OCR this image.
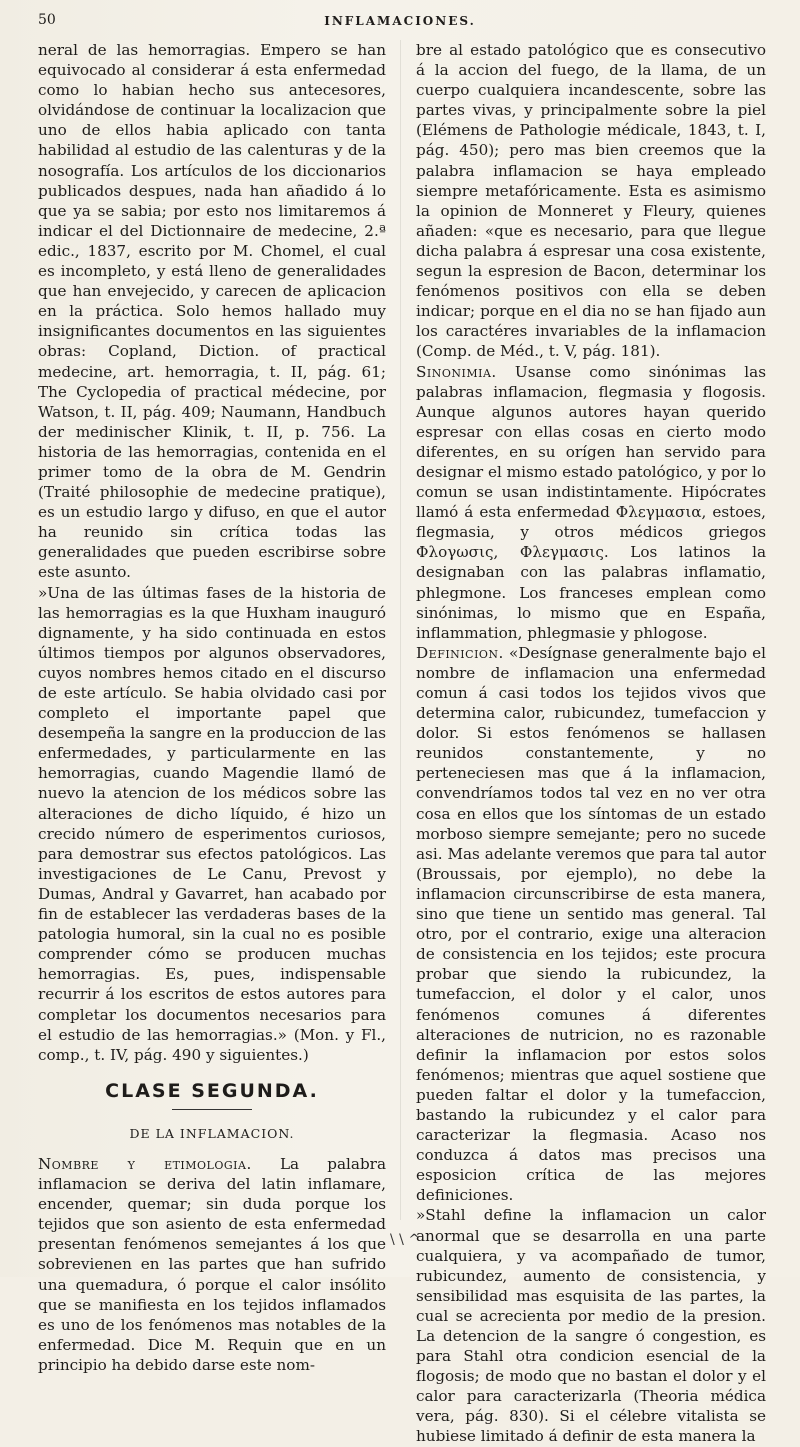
50	INFLAMACIONES.

neral de las hemorragias. Empero se han equivocado al considerar á esta enfermedad como lo habian hecho sus antecesores, olvidándose de continuar la localizacion que uno de ellos habia aplicado con tanta habilidad al estudio de las calenturas y de la nosografía. Los artículos de los diccionarios publicados despues, nada han añadido á lo que ya se sabia; por esto nos limitaremos á indicar el del Dictionnaire de medecine, 2.ª edic., 1837, escrito por M. Chomel, el cual es incompleto, y está lleno de generalidades que han envejecido, y carecen de aplicacion en la práctica. Solo hemos hallado muy insignificantes documentos en las siguientes obras: Copland, Diction. of practical medecine, art. hemorragia, t. II, pág. 61; The Cyclopedia of practical médecine, por Watson, t. II, pág. 409; Naumann, Handbuch der medinischer Klinik, t. II, p. 756. La historia de las hemorragias, contenida en el primer tomo de la obra de M. Gendrin (Traité philosophie de medecine pratique), es un estudio largo y difuso, en que el autor ha reunido sin crítica todas las generalidades que pueden escribirse sobre este asunto.

»Una de las últimas fases de la historia de las hemorragias es la que Huxham inauguró dignamente, y ha sido continuada en estos últimos tiempos por algunos observadores, cuyos nombres hemos citado en el discurso de este artículo. Se habia olvidado casi por completo el importante papel que desempeña la sangre en la produccion de las enfermedades, y particularmente en las hemorragias, cuando Magendie llamó de nuevo la atencion de los médicos sobre las alteraciones de dicho líquido, é hizo un crecido número de esperimentos curiosos, para demostrar sus efectos patológicos. Las investigaciones de Le Canu, Prevost y Dumas, Andral y Gavarret, han acabado por fin de establecer las verdaderas bases de la patologia humoral, sin la cual no es posible comprender cómo se producen muchas hemorragias. Es, pues, indispensable recurrir á los escritos de estos autores para completar los documentos necesarios para el estudio de las hemorragias.» (Mon. y Fl., comp., t. IV, pág. 490 y siguientes.)

CLASE SEGUNDA.
DE LA INFLAMACION.

Nombre y etimologia. La palabra inflamacion se deriva del latin inflamare, encender, quemar; sin duda porque los tejidos que son asiento de esta enfermedad presentan fenómenos semejantes á los que sobrevienen en las partes que han sufrido una quemadura, ó porque el calor insólito que se manifiesta en los tejidos inflamados es uno de los fenómenos mas notables de la enfermedad. Dice M. Requin que en un principio ha debido darse este nom-

bre al estado patológico que es consecutivo á la accion del fuego, de la llama, de un cuerpo cualquiera incandescente, sobre las partes vivas, y principalmente sobre la piel (Elémens de Pathologie médicale, 1843, t. I, pág. 450); pero mas bien creemos que la palabra inflamacion se haya empleado siempre metafóricamente. Esta es asimismo la opinion de Monneret y Fleury, quienes añaden: «que es necesario, para que llegue dicha palabra á espresar una cosa existente, segun la espresion de Bacon, determinar los fenómenos positivos con ella se deben indicar; porque en el dia no se han fijado aun los caractéres invariables de la inflamacion (Comp. de Méd., t. V, pág. 181).

Sinonimia. Usanse como sinónimas las palabras inflamacion, flegmasia y flogosis. Aunque algunos autores hayan querido espresar con ellas cosas en cierto modo diferentes, en su orígen han servido para designar el mismo estado patológico, y por lo comun se usan indistintamente. Hipócrates llamó á esta enfermedad Φλεγμασια, estoes, flegmasia, y otros médicos griegos Φλογωσις, Φλεγμασις. Los latinos la designaban con las palabras inflamatio, phlegmone. Los franceses emplean como sinónimas, lo mismo que en España, inflammation, phlegmasie y phlogose.

Definicion. «Desígnase generalmente bajo el nombre de inflamacion una enfermedad comun á casi todos los tejidos vivos que determina calor, rubicundez, tumefaccion y dolor. Si estos fenómenos se hallasen reunidos constantemente, y no perteneciesen mas que á la inflamacion, convendríamos todos tal vez en no ver otra cosa en ellos que los síntomas de un estado morboso siempre semejante; pero no sucede asi. Mas adelante veremos que para tal autor (Broussais, por ejemplo), no debe la inflamacion circunscribirse de esta manera, sino que tiene un sentido mas general. Tal otro, por el contrario, exige una alteracion de consistencia en los tejidos; este procura probar que siendo la rubicundez, la tumefaccion, el dolor y el calor, unos fenómenos comunes á diferentes alteraciones de nutricion, no es razonable definir la inflamacion por estos solos fenómenos; mientras que aquel sostiene que pueden faltar el dolor y la tumefaccion, bastando la rubicundez y el calor para caracterizar la flegmasia. Acaso nos conduzca á datos mas precisos una esposicion crítica de las mejores definiciones.

»Stahl define la inflamacion un calor anormal que se desarrolla en una parte cualquiera, y va acompañado de tumor, rubicundez, aumento de consistencia, y sensibilidad mas esquisita de las partes, la cual se acrecienta por medio de la presion. La detencion de la sangre ó congestion, es para Stahl otra condicion esencial de la flogosis; de modo que no bastan el dolor y el calor para caracterizarla (Theoria médica vera, pág. 830). Si el célebre vitalista se hubiese limitado á definir de esta manera la

\ \ ^
